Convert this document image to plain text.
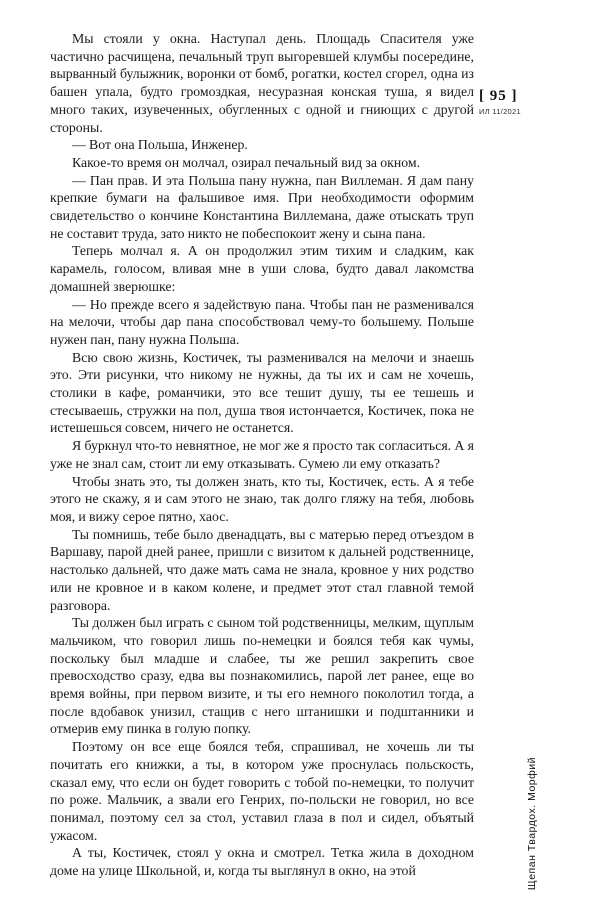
Мы стояли у окна. Наступал день. Площадь Спасителя уже частично расчищена, печальный труп выгоревшей клумбы посередине, вырванный булыжник, воронки от бомб, рогатки, костел сгорел, одна из башен упала, будто громоздкая, несуразная конская туша, я видел много таких, изувеченных, обугленных с одной и гниющих с другой стороны.

— Вот она Польша, Инженер.

Какое-то время он молчал, озирал печальный вид за окном.

— Пан прав. И эта Польша пану нужна, пан Виллеман. Я дам пану крепкие бумаги на фальшивое имя. При необходимости оформим свидетельство о кончине Константина Виллемана, даже отыскать труп не составит труда, зато никто не побеспокоит жену и сына пана.

Теперь молчал я. А он продолжил этим тихим и сладким, как карамель, голосом, вливая мне в уши слова, будто давал лакомства домашней зверюшке:

— Но прежде всего я задействую пана. Чтобы пан не разменивался на мелочи, чтобы дар пана способствовал чему-то большему. Польше нужен пан, пану нужна Польша.

Всю свою жизнь, Костичек, ты разменивался на мелочи и знаешь это. Эти рисунки, что никому не нужны, да ты их и сам не хочешь, столики в кафе, романчики, это все тешит душу, ты ее тешешь и стесываешь, стружки на пол, душа твоя истончается, Костичек, пока не истешешься совсем, ничего не останется.

Я буркнул что-то невнятное, не мог же я просто так согласиться. А я уже не знал сам, стоит ли ему отказывать. Сумею ли ему отказать?

Чтобы знать это, ты должен знать, кто ты, Костичек, есть. А я тебе этого не скажу, я и сам этого не знаю, так долго гляжу на тебя, любовь моя, и вижу серое пятно, хаос.

Ты помнишь, тебе было двенадцать, вы с матерью перед отъездом в Варшаву, парой дней ранее, пришли с визитом к дальней родственнице, настолько дальней, что даже мать сама не знала, кровное у них родство или не кровное и в каком колене, и предмет этот стал главной темой разговора.

Ты должен был играть с сыном той родственницы, мелким, щуплым мальчиком, что говорил лишь по-немецки и боялся тебя как чумы, поскольку был младше и слабее, ты же решил закрепить свое превосходство сразу, едва вы познакомились, парой лет ранее, еще во время войны, при первом визите, и ты его немного поколотил тогда, а после вдобавок унизил, стащив с него штанишки и подштанники и отмерив ему пинка в голую попку.

Поэтому он все еще боялся тебя, спрашивал, не хочешь ли ты почитать его книжки, а ты, в котором уже проснулась польскость, сказал ему, что если он будет говорить с тобой по-немецки, то получит по роже. Мальчик, а звали его Генрих, по-польски не говорил, но все понимал, поэтому сел за стол, уставил глаза в пол и сидел, объятый ужасом.

А ты, Костичек, стоял у окна и смотрел. Тетка жила в доходном доме на улице Школьной, и, когда ты выглянул в окно, на этой

[ 95 ]
ИЛ 11/2021
Щепан Твардох. Морфий
